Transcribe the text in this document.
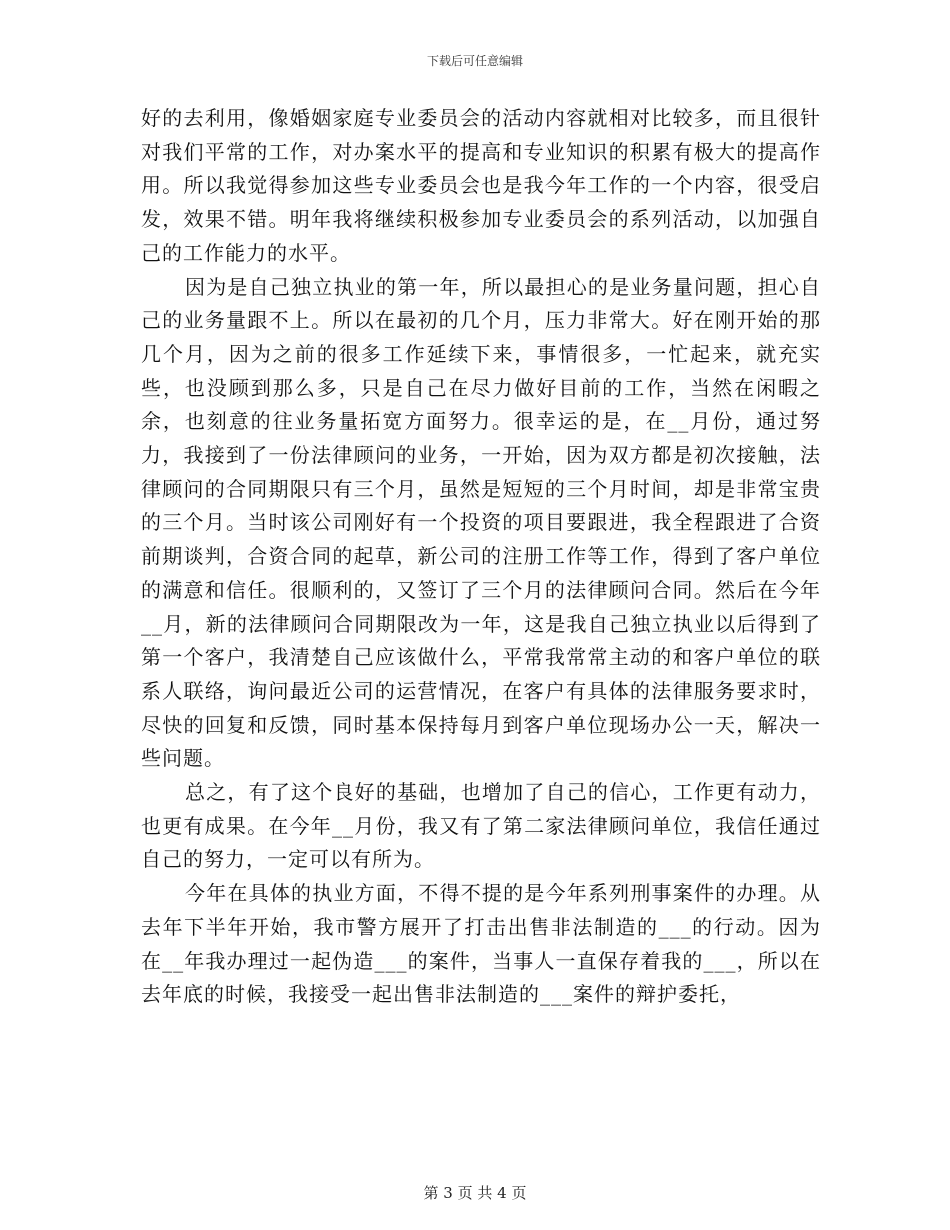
下载后可任意编辑

好的去利用，像婚姻家庭专业委员会的活动内容就相对比较多，而且很针对我们平常的工作，对办案水平的提高和专业知识的积累有极大的提高作用。所以我觉得参加这些专业委员会也是我今年工作的一个内容，很受启发，效果不错。明年我将继续积极参加专业委员会的系列活动，以加强自己的工作能力的水平。

因为是自己独立执业的第一年，所以最担心的是业务量问题，担心自己的业务量跟不上。所以在最初的几个月，压力非常大。好在刚开始的那几个月，因为之前的很多工作延续下来，事情很多，一忙起来，就充实些，也没顾到那么多，只是自己在尽力做好目前的工作，当然在闲暇之余，也刻意的往业务量拓宽方面努力。很幸运的是，在__月份，通过努力，我接到了一份法律顾问的业务，一开始，因为双方都是初次接触，法律顾问的合同期限只有三个月，虽然是短短的三个月时间，却是非常宝贵的三个月。当时该公司刚好有一个投资的项目要跟进，我全程跟进了合资前期谈判，合资合同的起草，新公司的注册工作等工作，得到了客户单位的满意和信任。很顺利的，又签订了三个月的法律顾问合同。然后在今年__月，新的法律顾问合同期限改为一年，这是我自己独立执业以后得到了第一个客户，我清楚自己应该做什么，平常我常常主动的和客户单位的联系人联络，询问最近公司的运营情况，在客户有具体的法律服务要求时，尽快的回复和反馈，同时基本保持每月到客户单位现场办公一天，解决一些问题。

总之，有了这个良好的基础，也增加了自己的信心，工作更有动力，也更有成果。在今年__月份，我又有了第二家法律顾问单位，我信任通过自己的努力，一定可以有所为。

今年在具体的执业方面，不得不提的是今年系列刑事案件的办理。从去年下半年开始，我市警方展开了打击出售非法制造的___的行动。因为在__年我办理过一起伪造___的案件，当事人一直保存着我的___，所以在去年底的时候，我接受一起出售非法制造的___案件的辩护委托，

第 3 页 共 4 页
